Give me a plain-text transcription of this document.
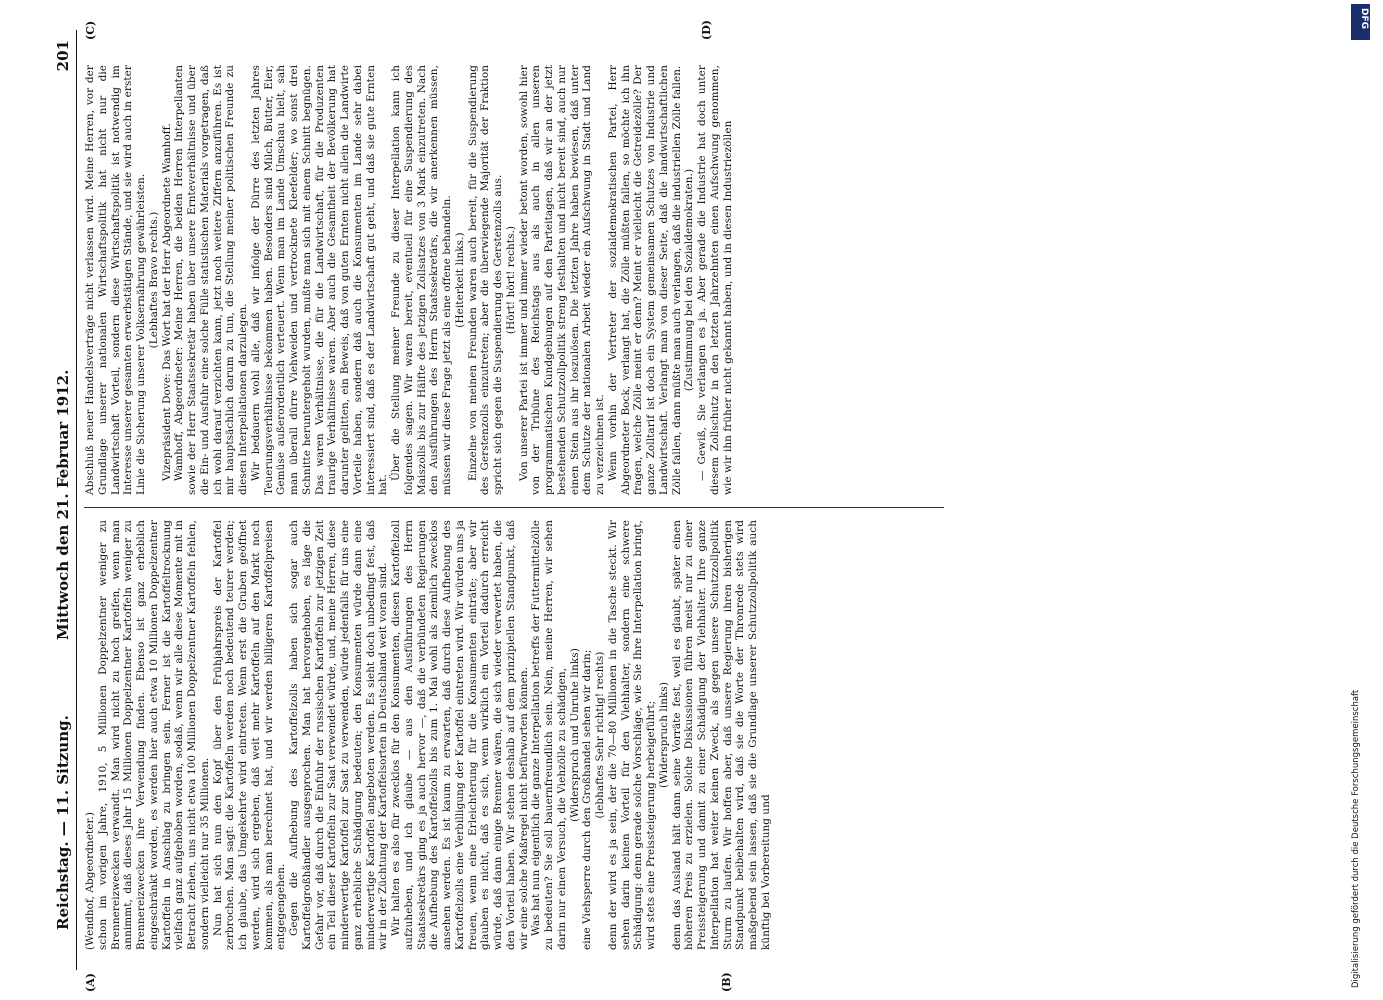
Reichstag. — 11. Sitzung.
Mittwoch den 21. Februar 1912.
201
(A)	(B)
(C)	(D)

(Wendhof, Abgeordneter.) schon im vorigen Jahre, 1910, 5 Millionen Doppelzentner weniger zu Brennereizwecken verwandt. Man wird nicht zu hoch greifen, wenn man annimmt, daß dieses Jahr 15 Millionen Doppelzentner Kartoffeln weniger zu Brennereizwecken ihre Verwendung finden. Ebenso ist ganz erheblich eingeschränkt worden, es werden hier auch etwa 10 Millionen Doppelzentner Kartoffeln in Anschlag zu bringen sein. Ferner ist die Kartoffeltrocknung vielfach ganz aufgehoben worden, sodaß, wenn wir alle diese Momente mit in Betracht ziehen, uns nicht etwa 100 Millionen Doppelzentner Kartoffeln fehlen, sondern vielleicht nur 35 Millionen. Nun hat sich nun den Kopf über den Frühjahrspreis der Kartoffel zerbrochen. Man sagt: die Kartoffeln werden noch bedeutend teurer werden; ich glaube, das Umgekehrte wird eintreten. Wenn erst die Gruben geöffnet werden, wird sich ergeben, daß weit mehr Kartoffeln auf den Markt noch kommen, als man berechnet hat, und wir werden billigeren Kartoffelpreisen entgegengehen. Gegen die Aufhebung des Kartoffelzolls haben sich sogar auch Kartoffelgroßhändler ausgesprochen. Man hat hervorgehoben, es läge die Gefahr vor, daß durch die Einfuhr der russischen Kartoffeln zur jetzigen Zeit ein Teil dieser Kartoffeln zur Saat verwendet würde, und, meine Herren, diese minderwertige Kartoffel zur Saat zu verwenden, würde jedenfalls für uns eine ganz erhebliche Schädigung bedeuten; den Konsumenten würde dann eine minderwertige Kartoffel angeboten werden. Es sieht doch unbedingt fest, daß wir in der Züchtung der Kartoffelsorten in Deutschland weit voran sind. Wir halten es also für zwecklos für den Konsumenten, diesen Kartoffelzoll aufzuheben, und ich glaube — aus den Ausführungen des Herrn Staatssekretärs ging es ja auch hervor —, daß die verbündeten Regierungen die Aufhebung des Kartoffelzolls bis zum 1. Mai wohl als ziemlich zwecklos ansehen werden. Es ist kaum zu erwarten, daß durch diese Aufhebung des Kartoffelzolls eine Verbilligung der Kartoffel eintreten wird. Wir würden uns ja freuen, wenn eine Erleichterung für die Konsumenten einträte; aber wir glauben es nicht, daß es sich, wenn wirklich ein Vorteil dadurch erreicht würde, daß dann einige Brenner wären, die sich wieder verwertet haben, die den Vorteil haben. Wir stehen deshalb auf dem prinzipiellen Standpunkt, daß wir eine solche Maßregel nicht befürworten können. Was hat nun eigentlich die ganze Interpellation betreffs der Futtermittelzölle zu bedeuten? Sie soll bauernfreundlich sein. Nein, meine Herren, wir sehen darin nur einen Versuch, die Viehzölle zu schädigen, (Widerspruch und Unruhe links) eine Viehsperre durch den Großhandel sehen wir darin; (lebhaftes Sehr richtig! rechts) denn der wird es ja sein, der die 70—80 Millionen in die Tasche steckt. Wir sehen darin keinen Vorteil für den Viehhalter, sondern eine schwere Schädigung: denn gerade solche Vorschläge, wie Sie Ihre Interpellation bringt, wird stets eine Preissteigerung herbeigeführt; (Widerspruch links) denn das Ausland hält dann seine Vorräte fest, weil es glaubt, später einen höheren Preis zu erzielen. Solche Diskussionen führen meist nur zu einer Preissteigerung und damit zu einer Schädigung der Viehhalter. Ihre ganze Interpellation hat weiter keinen Zweck, als gegen unsere Schutzzollpolitik Sturm zu laufen. Wir hoffen aber, daß unsere Regierung ihren bisherigen Standpunkt beibehalten wird, daß sie die Worte der Thronrede stets wird maßgebend sein lassen, daß sie die Grundlage unserer Schutzzollpolitik auch künftig bei Vorbereitung und

Abschluß neuer Handelsverträge nicht verlassen wird. Meine Herren, vor der Grundlage unserer nationalen Wirtschaftspolitik hat nicht nur die Landwirtschaft Vorteil, sondern diese Wirtschaftspolitik ist notwendig im Interesse unserer gesamten erwerbstätigen Stände, und sie wird auch in erster Linie die Sicherung unserer Volksernährung gewährleisten. (Lebhaftes Bravo rechts.) Vizepräsident Dove: Das Wort hat der Herr Abgeordnete Wamhoff. Wamhoff, Abgeordneter: Meine Herren, die beiden Herren Interpellanten sowie der Herr Staatssekretär haben über unsere Ernteverhältnisse und über die Ein- und Ausfuhr eine solche Fülle statistischen Materials vorgetragen, daß ich wohl darauf verzichten kann, jetzt noch weitere Ziffern anzuführen. Es ist mir hauptsächlich darum zu tun, die Stellung meiner politischen Freunde zu diesen Interpellationen darzulegen. Wir bedauern wohl alle, daß wir infolge der Dürre des letzten Jahres Teuerungsverhältnisse bekommen haben. Besonders sind Milch, Butter, Eier, Gemüse außerordentlich verteuert. Wenn man im Lande Umschau hielt, sah man überall dürre Viehweiden und vertrocknete Kleefelder; wo sonst drei Schnitte heruntergeholt wurden, mußte man sich mit einem Schnitt begnügen. Das waren Verhältnisse, die für die Landwirtschaft, für die Produzenten traurige Verhältnisse waren. Aber auch die Gesamtheit der Bevölkerung hat darunter gelitten, ein Beweis, daß von guten Ernten nicht allein die Landwirte Vorteile haben, sondern daß auch die Konsumenten im Lande sehr dabei interessiert sind, daß es der Landwirtschaft gut geht, und daß sie gute Ernten hat.

Über die Stellung meiner Freunde zu dieser Interpellation kann ich folgendes sagen. Wir waren bereit, eventuell für eine Suspendierung des Maiszolls bis zur Hälfte des jetzigen Zollsatzes von 3 Mark einzutreten. Nach den Ausführungen des Herrn Staatssekretärs, die wir anerkennen müssen, müssen wir diese Frage jetzt als eine offene behandeln. (Heiterkeit links.) Einzelne von meinen Freunden waren auch bereit, für die Suspendierung des Gerstenzolls einzutreten; aber die überwiegende Majorität der Fraktion spricht sich gegen die Suspendierung des Gerstenzolls aus. (Hört! hört! rechts.) Von unserer Partei ist immer und immer wieder betont worden, sowohl hier von der Tribüne des Reichstags aus als auch in allen unseren programmatischen Kundgebungen auf den Parteitagen, daß wir an der jetzt bestehenden Schutzzollpolitik streng festhalten und nicht bereit sind, auch nur einen Stein aus ihr loszulösen. Die letzten Jahre haben bewiesen, daß unter dem Schutze der nationalen Arbeit wieder ein Aufschwung in Stadt und Land zu verzeichnen ist. Wenn vorhin der Vertreter der sozialdemokratischen Partei, Herr Abgeordneter Bock, verlangt hat, die Zölle müßten fallen, so möchte ich ihn fragen, welche Zölle meint er denn? Meint er vielleicht die Getreidezölle? Der ganze Zolltarif ist doch ein System gemeinsamen Schutzes von Industrie und Landwirtschaft. Verlangt man von dieser Seite, daß die landwirtschaftlichen Zölle fallen, dann müßte man auch verlangen, daß die industriellen Zölle fallen. (Zustimmung bei den Sozialdemokraten.) — Gewiß, Sie verlangen es ja. Aber gerade die Industrie hat doch unter diesem Zollschutz in den letzten Jahrzehnten einen Aufschwung genommen, wie wir ihn früher nicht gekannt haben, und in diesen Industriezöllen

DFG
Digitalisierung gefördert durch die Deutsche Forschungsgemeinschaft
